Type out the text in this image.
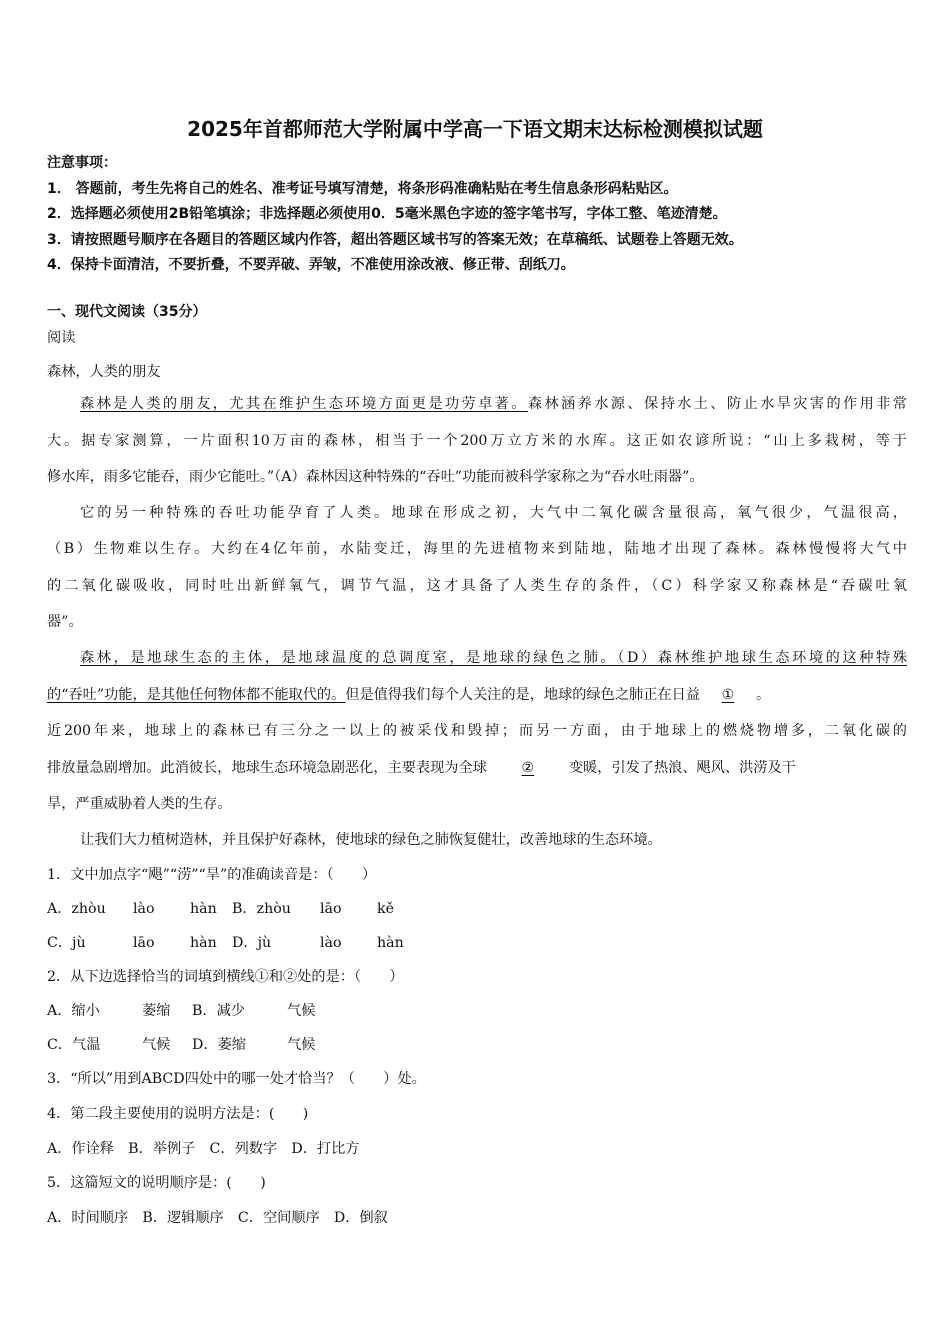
2025年首都师范大学附属中学高一下语文期末达标检测模拟试题
注意事项：
1． 答题前，考生先将自己的姓名、准考证号填写清楚，将条形码准确粘贴在考生信息条形码粘贴区。
2．选择题必须使用2B铅笔填涂；非选择题必须使用0．5毫米黑色字迹的签字笔书写，字体工整、笔迹清楚。
3．请按照题号顺序在各题目的答题区域内作答，超出答题区域书写的答案无效；在草稿纸、试题卷上答题无效。
4．保持卡面清洁，不要折叠，不要弄破、弄皱，不准使用涂改液、修正带、刮纸刀。
一、现代文阅读（35分）
阅读
森林，人类的朋友
森林是人类的朋友，尤其在维护生态环境方面更是功劳卓著。森林涵养水源、保持水土、防止水旱灾害的作用非常
大。据专家测算，一片面积10万亩的森林，相当于一个200万立方米的水库。这正如农谚所说：“山上多栽树，等于
修水库，雨多它能吞，雨少它能吐。”（A）森林因这种特殊的“吞吐”功能而被科学家称之为“吞水吐雨器”。
它的另一种特殊的吞吐功能孕育了人类。地球在形成之初，大气中二氧化碳含量很高，氧气很少，气温很高，
（B）生物难以生存。大约在4亿年前，水陆变迁，海里的先进植物来到陆地，陆地才出现了森林。森林慢慢将大气中
的二氧化碳吸收，同时吐出新鲜氧气，调节气温，这才具备了人类生存的条件，（C）科学家又称森林是“吞碳吐氧
器”。
森林，是地球生态的主体，是地球温度的总调度室，是地球的绿色之肺。（D）森林维护地球生态环境的这种特殊
的“吞吐”功能，是其他任何物体都不能取代的。但是值得我们每个人关注的是，地球的绿色之肺正在日益 ① 。
近200年来，地球上的森林已有三分之一以上的被采伐和毁掉；而另一方面，由于地球上的燃烧物增多，二氧化碳的
排放量急剧增加。此消彼长，地球生态环境急剧恶化，主要表现为全球 ② 变暖，引发了热浪、飓风、洪涝及干
旱，严重威胁着人类的生存。
让我们大力植树造林，并且保护好森林，使地球的绿色之肺恢复健壮，改善地球的生态环境。
1．文中加点字“飓”“涝”“旱”的准确读音是：（　　）
A．zhòu lào hàn B．zhòu lāo kě
C．jù	lāo hàn D．jù	lào hàn
2．从下边选择恰当的词填到横线①和②处的是：（　　）
A．缩小	萎缩 B．减少	气候
C．气温	气候 D．萎缩	气候
3．“所以”用到ABCD四处中的哪一处才恰当？（　　）处。
4．第二段主要使用的说明方法是：(　　)
A．作诠释　B．举例子　C．列数字　D．打比方
5．这篇短文的说明顺序是：(　　)
A．时间顺序　B．逻辑顺序　C．空间顺序　D．倒叙
